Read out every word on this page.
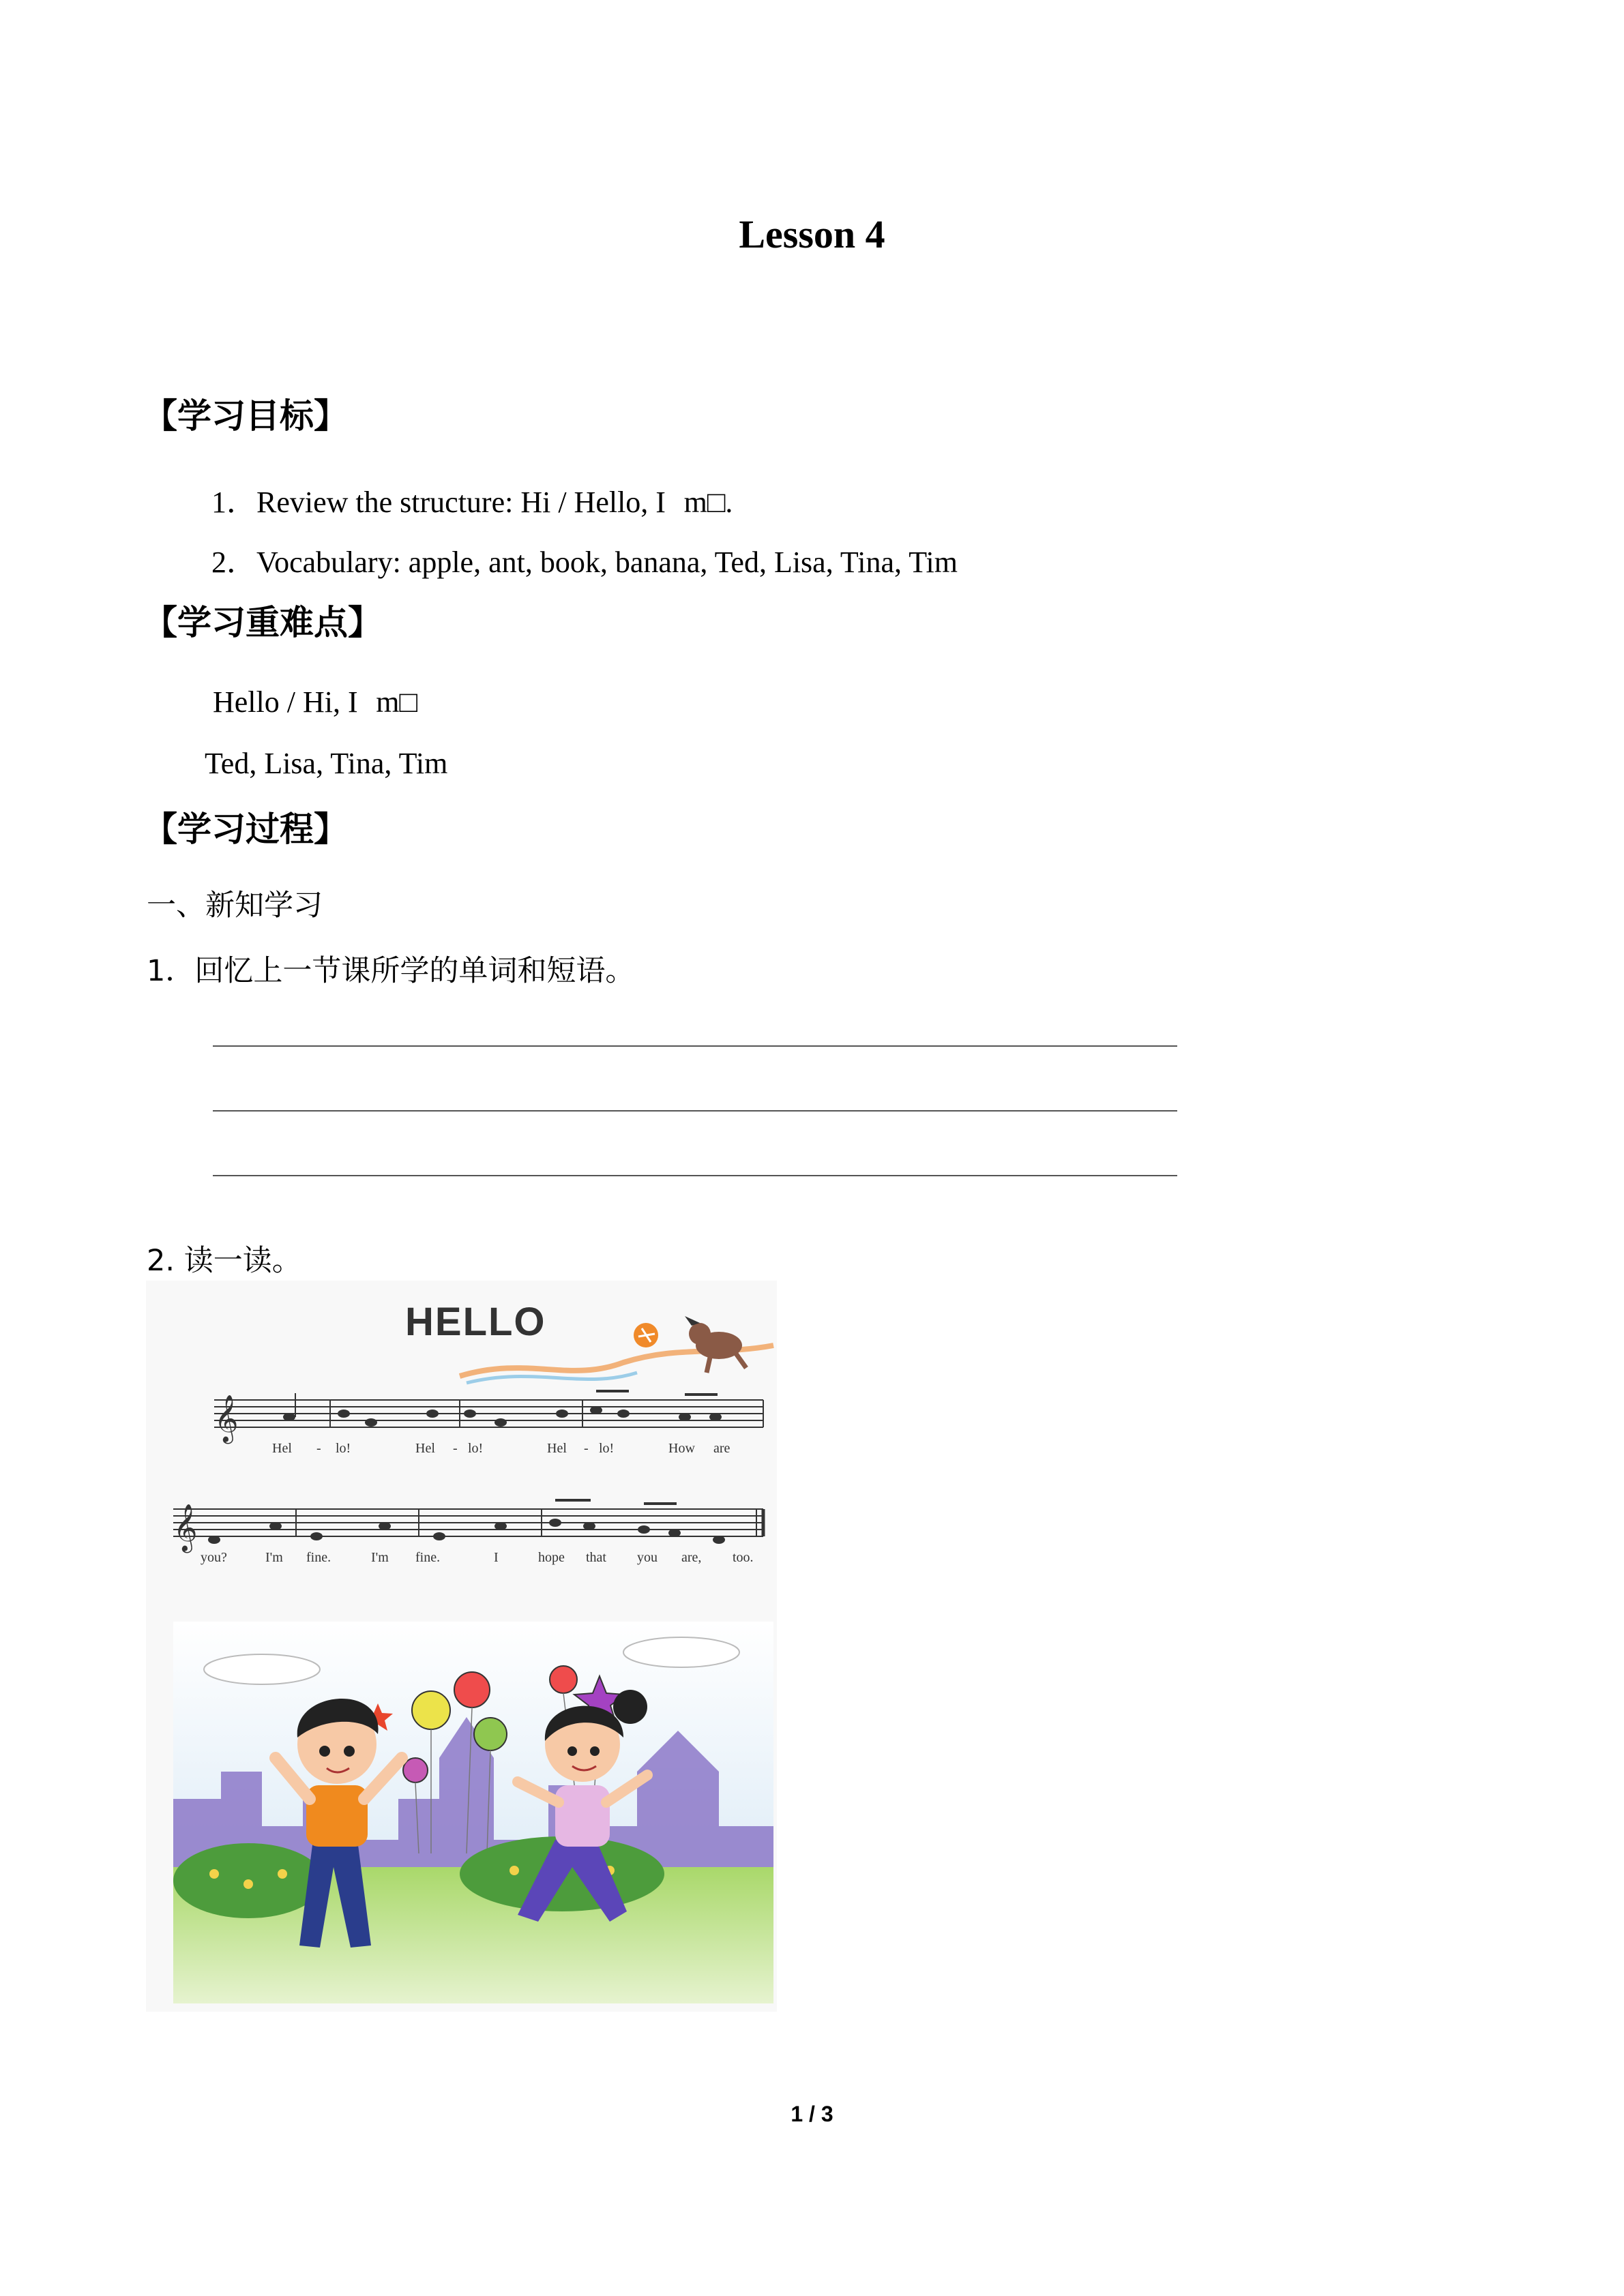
Lesson 4
【学习目标】
1．Review the structure: Hi / Hello, Im□.
2．Vocabulary: apple, ant, book, banana, Ted, Lisa, Tina, Tim
【学习重难点】
Hello / Hi, Im□
Ted, Lisa, Tina, Tim
【学习过程】
一、新知学习
1．回忆上一节课所学的单词和短语。
2. 读一读。
HELLO
𝄞
Hel - lo!	Hel - lo!	Hel - lo!	How are
𝄞
you?	I'm fine.	I'm fine.	I	hope that you are, too.
1 / 3
